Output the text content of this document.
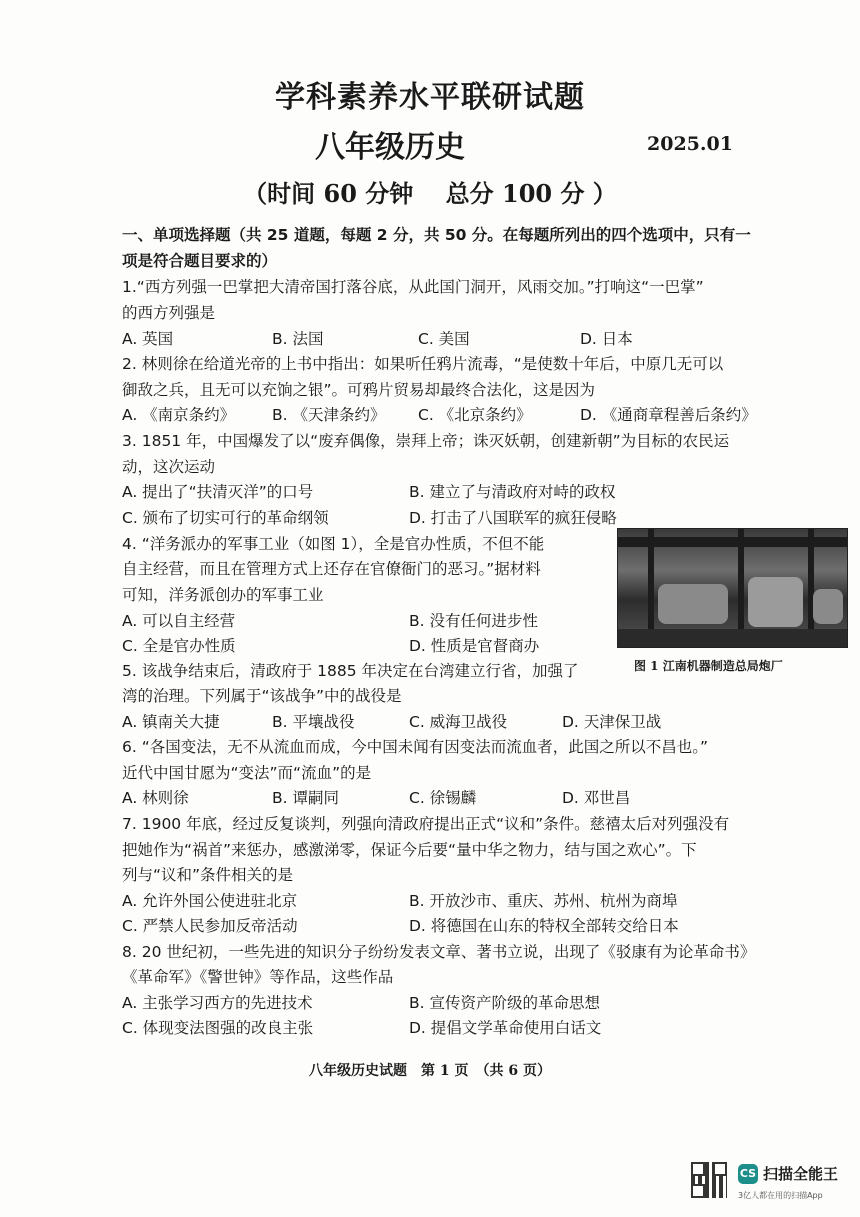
学科素养水平联研试题
八年级历史	2025.01
（时间 60 分钟　 总分 100 分 ）
一、单项选择题（共 25 道题，每题 2 分，共 50 分。在每题所列出的四个选项中，只有一
项是符合题目要求的）
1.“西方列强一巴掌把大清帝国打落谷底，从此国门洞开，风雨交加。”打响这“一巴掌”
的西方列强是
A. 英国	B. 法国	C. 美国	D. 日本
2. 林则徐在给道光帝的上书中指出：如果听任鸦片流毒，“是使数十年后，中原几无可以
御敌之兵，且无可以充饷之银”。可鸦片贸易却最终合法化，这是因为
A. 《南京条约》 B. 《天津条约》 C. 《北京条约》	D. 《通商章程善后条约》
3. 1851 年，中国爆发了以“废弃偶像，崇拜上帝；诛灭妖朝，创建新朝”为目标的农民运
动，这次运动
A. 提出了“扶清灭洋”的口号	B. 建立了与清政府对峙的政权
C. 颁布了切实可行的革命纲领	D. 打击了八国联军的疯狂侵略
4. “洋务派办的军事工业（如图 1），全是官办性质，不但不能
自主经营，而且在管理方式上还存在官僚衙门的恶习。”据材料
可知，洋务派创办的军事工业
A. 可以自主经营	B. 没有任何进步性
C. 全是官办性质	D. 性质是官督商办
图 1 江南机器制造总局炮厂
5. 该战争结束后，清政府于 1885 年决定在台湾建立行省，加强了
湾的治理。下列属于“该战争”中的战役是
A. 镇南关大捷	B. 平壤战役	C. 威海卫战役	D. 天津保卫战
6. “各国变法，无不从流血而成，今中国未闻有因变法而流血者，此国之所以不昌也。”
近代中国甘愿为“变法”而“流血”的是
A. 林则徐	B. 谭嗣同	C. 徐锡麟	D. 邓世昌
7. 1900 年底，经过反复谈判，列强向清政府提出正式“议和”条件。慈禧太后对列强没有
把她作为“祸首”来惩办，感激涕零，保证今后要“量中华之物力，结与国之欢心”。下
列与“议和”条件相关的是
A. 允许外国公使进驻北京	B. 开放沙市、重庆、苏州、杭州为商埠
C. 严禁人民参加反帝活动	D. 将德国在山东的特权全部转交给日本
8. 20 世纪初，一些先进的知识分子纷纷发表文章、著书立说，出现了《驳康有为论革命书》
《革命军》《警世钟》等作品，这些作品
A. 主张学习西方的先进技术	B. 宣传资产阶级的革命思想
C. 体现变法图强的改良主张	D. 提倡文学革命使用白话文
八年级历史试题　第 1 页　（共 6 页）
CS 扫描全能王
3亿人都在用的扫描App
